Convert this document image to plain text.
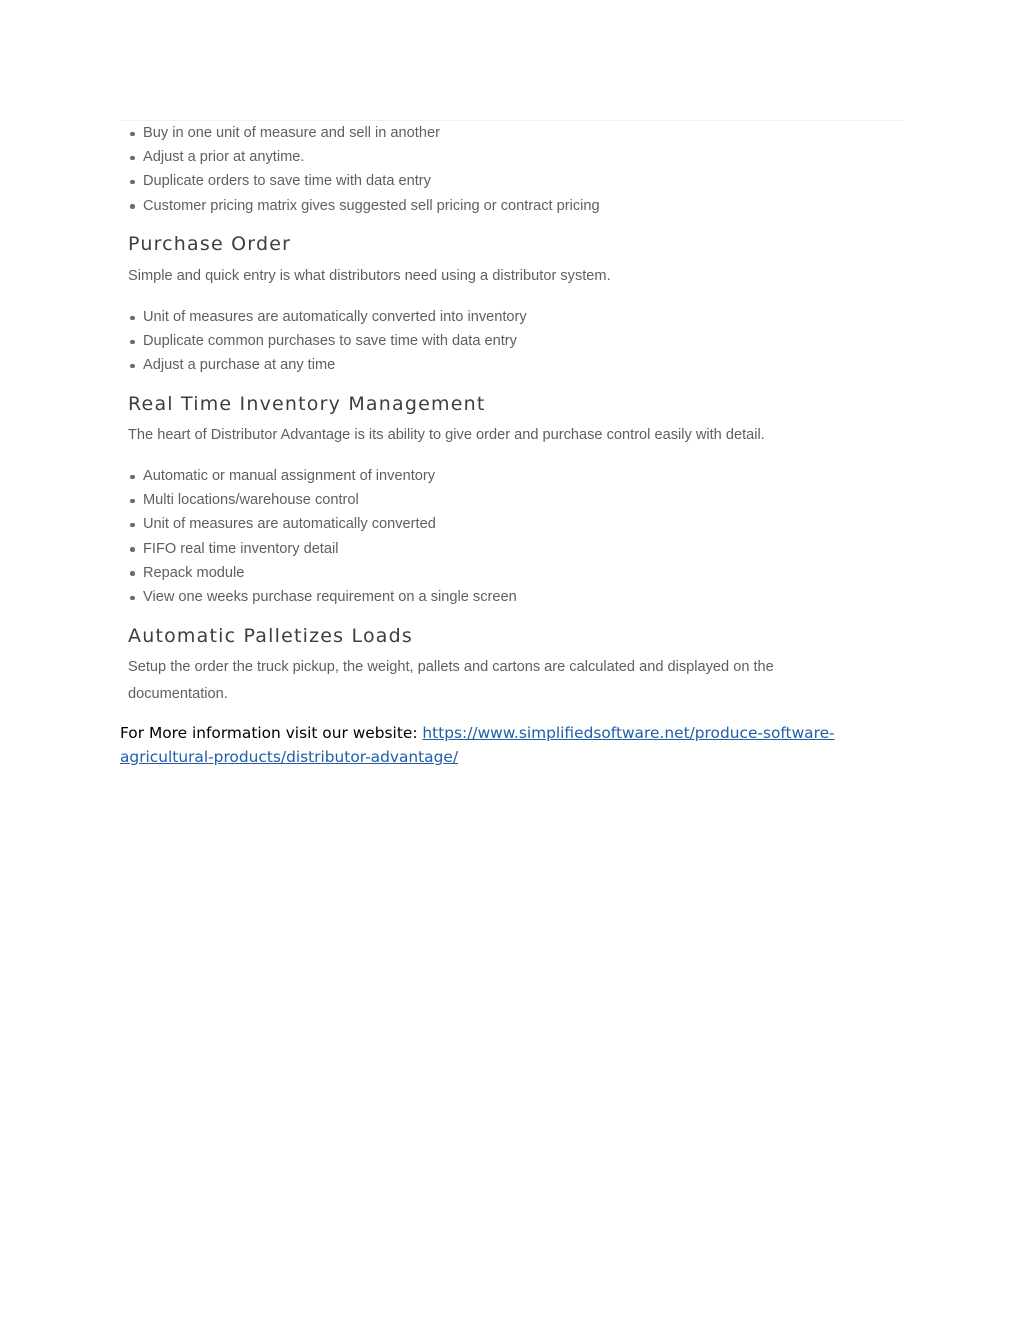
Buy in one unit of measure and sell in another
Adjust a prior at anytime.
Duplicate orders to save time with data entry
Customer pricing matrix gives suggested sell pricing or contract pricing
Purchase Order

Simple and quick entry is what distributors need using a distributor system.

Unit of measures are automatically converted into inventory
Duplicate common purchases to save time with data entry
Adjust a purchase at any time
Real Time Inventory Management

The heart of Distributor Advantage is its ability to give order and purchase control easily with detail.

Automatic or manual assignment of inventory
Multi locations/warehouse control
Unit of measures are automatically converted
FIFO real time inventory detail
Repack module
View one weeks purchase requirement on a single screen
Automatic Palletizes Loads

Setup the order the truck pickup, the weight, pallets and cartons are calculated and displayed on the documentation.

For More information visit our website: https://www.simplifiedsoftware.net/produce-software-
agricultural-products/distributor-advantage/
